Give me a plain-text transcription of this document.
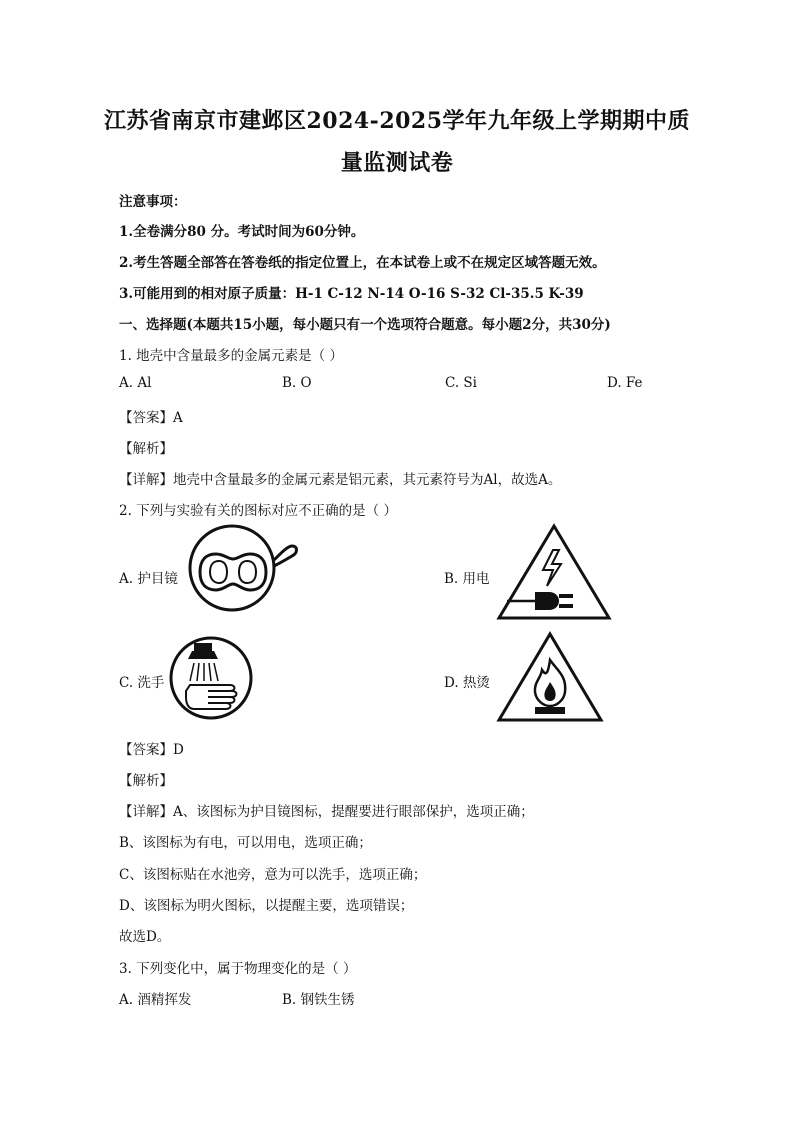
江苏省南京市建邺区2024-2025学年九年级上学期期中质
量监测试卷
注意事项：
1.全卷满分80 分。考试时间为60分钟。
2.考生答题全部答在答卷纸的指定位置上，在本试卷上或不在规定区域答题无效。
3.可能用到的相对原子质量：H-1 C-12 N-14 O-16 S-32 Cl-35.5 K-39
一、选择题(本题共15小题，每小题只有一个选项符合题意。每小题2分，共30分)
1. 地壳中含量最多的金属元素是（ ）
A. Al	B. O	C. Si	D. Fe
【答案】A
【解析】
【详解】地壳中含量最多的金属元素是铝元素，其元素符号为Al，故选A。
2. 下列与实验有关的图标对应不正确的是（ ）
A. 护目镜	B. 用电
C. 洗手	D. 热烫
【答案】D
【解析】
【详解】A、该图标为护目镜图标，提醒要进行眼部保护，选项正确；
B、该图标为有电，可以用电，选项正确；
C、该图标贴在水池旁，意为可以洗手，选项正确；
D、该图标为明火图标，以提醒主要，选项错误；
故选D。
3. 下列变化中，属于物理变化的是（ ）
A. 酒精挥发	B. 钢铁生锈
